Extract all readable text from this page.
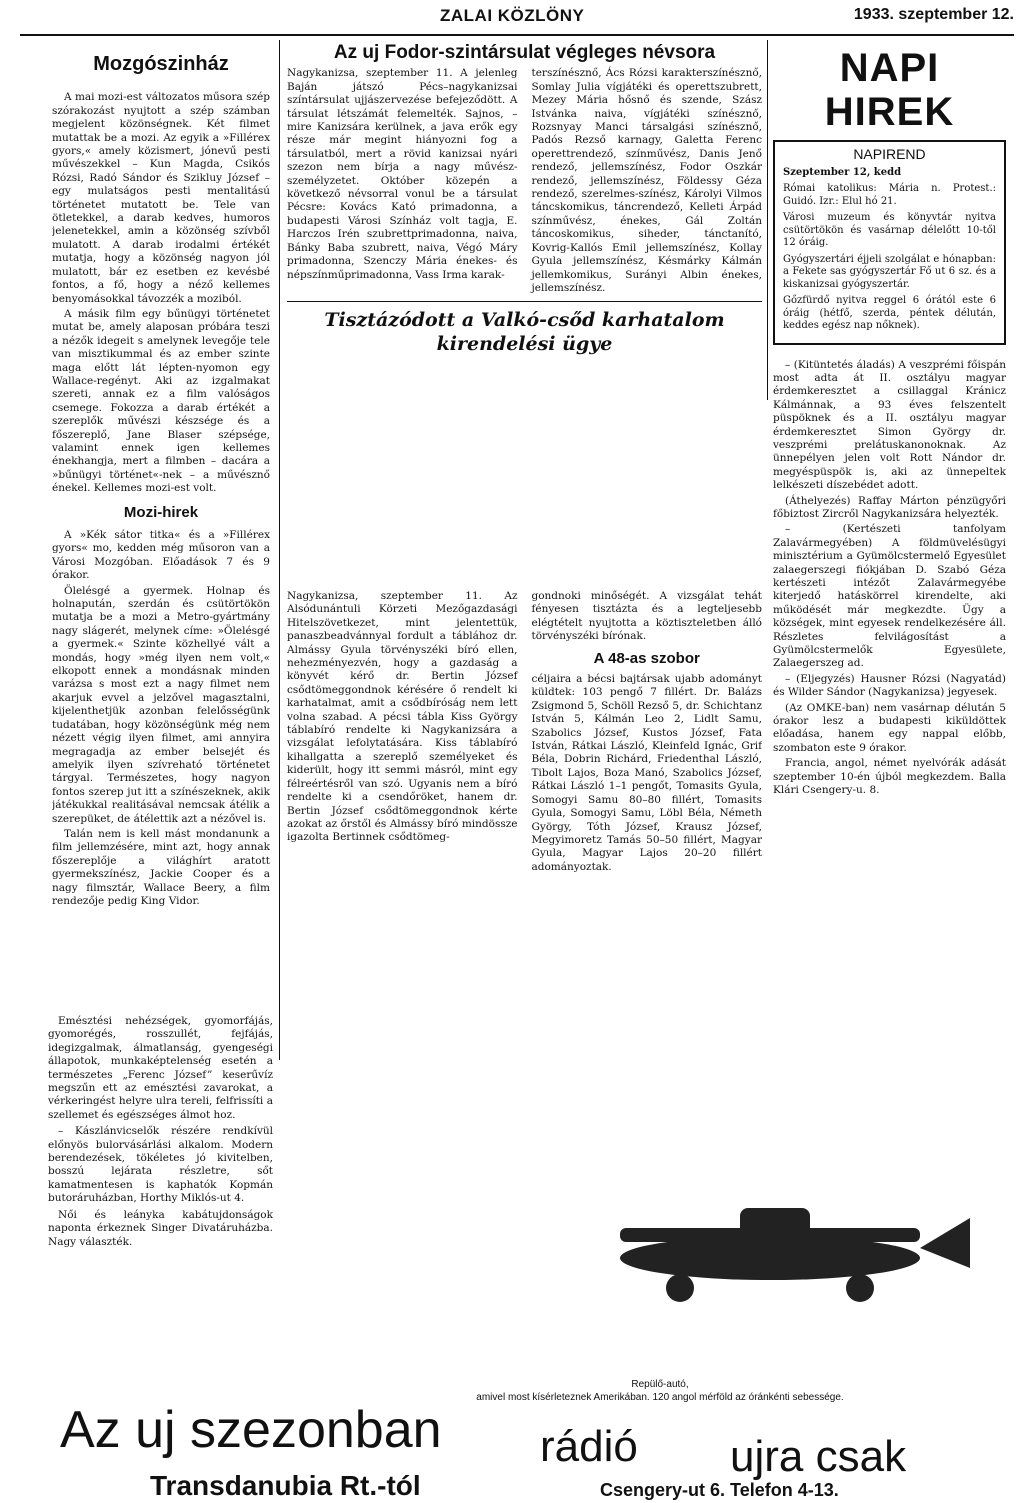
ZALAI KÖZLÖNY	1933. szeptember 12.
Mozgószinház

A mai mozi-est változatos műsora szép szórakozást nyujtott a szép számban megjelent közönségnek. Két filmet mutattak be a mozi. Az egyik a »Fillérex gyors,« amely közismert, jónevű pesti művészekkel – Kun Magda, Csikós Rózsi, Radó Sándor és Szikluy József – egy mulatságos pesti mentalitású történetet mutatott be. Tele van ötletekkel, a darab kedves, humoros jelenetekkel, amin a közönség szívből mulatott. A darab irodalmi értékét mutatja, hogy a közönség nagyon jól mulatott, bár ez esetben ez kevésbé fontos, a fő, hogy a néző kellemes benyomásokkal távozzék a moziból.

A másik film egy bűnügyi történetet mutat be, amely alaposan próbára teszi a nézők idegeit s amelynek levegője tele van misztikummal és az ember szinte maga előtt lát lépten-nyomon egy Wallace-regényt. Aki az izgalmakat szereti, annak ez a film valóságos csemege. Fokozza a darab értékét a szereplők művészi készsége és a főszereplő, Jane Blaser szépsége, valamint ennek igen kellemes énekhangja, mert a filmben – dacára a »bűnügyi történet«-nek – a művésznő énekel. Kellemes mozi-est volt.

Mozi-hirek

A »Kék sátor titka« és a »Fillérex gyors« mo, kedden még műsoron van a Városi Mozgóban. Előadások 7 és 9 órakor.

Ölelésgé a gyermek. Holnap és holnapután, szerdán és csütörtökön mutatja be a mozi a Metro-gyártmány nagy slágerét, melynek címe: »Ölelésgé a gyermek.« Szinte közhellyé vált a mondás, hogy »még ilyen nem volt,« elkopott ennek a mondásnak minden varázsa s most ezt a nagy filmet nem akarjuk evvel a jelzővel magasztalni, kijelenthetjük azonban felelősségünk tudatában, hogy közönségünk még nem nézett végig ilyen filmet, ami annyira megragadja az ember belsejét és amelyik ilyen szívreható történetet tárgyal. Természetes, hogy nagyon fontos szerep jut itt a színészeknek, akik játékukkal realitásával nemcsak átélik a szerepüket, de átélettik azt a nézővel is.

Talán nem is kell mást mondanunk a film jellemzésére, mint azt, hogy annak főszereplője a világhírt aratott gyermekszínész, Jackie Cooper és a nagy filmsztár, Wallace Beery, a film rendezője pedig King Vidor.

Emésztési nehézségek, gyomorfájás, gyomorégés, rosszullét, fejfájás, idegizgalmak, álmatlanság, gyengeségi állapotok, munkaképtelenség esetén a természetes „Ferenc József” keserűvíz megszűn ett az emésztési zavarokat, a vérkeringést helyre ulra tereli, felfrissíti a szellemet és egészséges álmot hoz.

– Kászlánvicselők részére rendkívül előnyös bulorvásárlási alkalom. Modern berendezések, tökéletes jó kivitelben, bosszú lejárata részletre, sőt kamatmentesen is kaphatók Kopmán butoráruházban, Horthy Miklós-ut 4.

Női és leányka kabátujdonságok naponta érkeznek Singer Divatáruházba. Nagy választék.

Az uj Fodor-szintársulat végleges névsora
Nagykanizsa, szeptember 11. A jelenleg Baján játszó Pécs–nagykanizsai színtársulat ujjászervezése befejeződött. A társulat létszámát felemelték. Sajnos, – mire Kanizsára kerülnek, a java erők egy része már megint hiányozni fog a társulatból, mert a rövid kanizsai nyári szezon nem bírja a nagy művész-személyzetet. Október közepén a következő névsorral vonul be a társulat Pécsre: Kovács Kató primadonna, a budapesti Városi Színház volt tagja, E. Harczos Irén szubrettprimadonna, naiva, Bánky Baba szubrett, naiva, Végó Máry primadonna, Szenczy Mária énekes- és népszínműprimadonna, Vass Irma karak-
terszínésznő, Ács Rózsi karakterszínésznő, Somlay Julia vígjátéki és operettszubrett, Mezey Mária hősnő és szende, Szász Istvánka naiva, vígjátéki színésznő, Rozsnyay Manci társalgási színésznő, Padós Rezső karnagy, Galetta Ferenc operettrendező, színművész, Danis Jenő rendező, jellemszínész, Fodor Oszkár rendező, jellemszínész, Földessy Géza rendező, szerelmes-színész, Károlyi Vilmos táncskomikus, táncrendező, Kelleti Árpád színművész, énekes, Gál Zoltán táncoskomikus, siheder, tánctanító, Kovrig-Kallós Emil jellemszínész, Kollay Gyula jellemszínész, Késmárky Kálmán jellemkomikus, Surányi Albin énekes, jellemszínész.
Tisztázódott a Valkó-csőd karhatalom kirendelési ügye
Nagykanizsa, szeptember 11. Az Alsódunántuli Körzeti Mezőgazdasági Hitelszövetkezet, mint jelentettük, panaszbeadvánnyal fordult a táblához dr. Almássy Gyula törvényszéki bíró ellen, nehezményezvén, hogy a gazdaság a könyvét kérő dr. Bertin József csődtömeggondnok kérésére ő rendelt ki karhatalmat, amit a csődbíróság nem lett volna szabad. A pécsi tábla Kiss György táblabíró rendelte ki Nagykanizsára a vizsgálat lefolytatására. Kiss táblabíró kihallgatta a szereplő személyeket és kiderült, hogy itt semmi másról, mint egy félreértésről van szó. Ugyanis nem a bíró rendelte ki a csendőröket, hanem dr. Bertin József csődtömeggondnok kérte azokat az őrstől és Almássy bíró mindössze igazolta Bertinnek csődtömeg-
gondnoki minőségét. A vizsgálat tehát fényesen tisztázta és a legteljesebb elégtételt nyujtotta a köztiszteletben álló törvényszéki bírónak.
A 48-as szobor
céljaira a bécsi bajtársak ujabb adományt küldtek: 103 pengő 7 fillért. Dr. Balázs Zsigmond 5, Schöll Rezső 5, dr. Schichtanz István 5, Kálmán Leo 2, Lidlt Samu, Szabolics József, Kustos József, Fata István, Rátkai László, Kleinfeld Ignác, Grif Béla, Dobrin Richárd, Friedenthal László, Tibolt Lajos, Boza Manó, Szabolics József, Rátkai László 1–1 pengőt, Tomasits Gyula, Somogyi Samu 80–80 fillért, Tomasits Gyula, Somogyi Samu, Löbl Béla, Németh György, Tóth József, Krausz József, Megyimoretz Tamás 50–50 fillért, Magyar Gyula, Magyar Lajos 20–20 fillért adományoztak.
NAPI HIREK
NAPIREND

Szeptember 12, kedd

Római katolikus: Mária n. Protest.: Guidó. Izr.: Elul hó 21.

Városi muzeum és könyvtár nyitva csütörtökön és vasárnap délelőtt 10-től 12 óráig.

Gyógyszertári éjjeli szolgálat e hónapban: a Fekete sas gyógyszertár Fő ut 6 sz. és a kiskanizsai gyógyszertár.

Gőzfürdő nyitva reggel 6 órától este 6 óráig (hétfő, szerda, péntek délután, keddes egész nap nőknek).

– (Kitüntetés áladás) A veszprémi főispán most adta át II. osztályu magyar érdemkeresztet a csillaggal Kránicz Kálmánnak, a 93 éves felszentelt püspöknek és a II. osztályu magyar érdemkeresztet Simon György dr. veszprémi prelátuskanonoknak. Az ünnepélyen jelen volt Rott Nándor dr. megyéspüspök is, aki az ünnepeltek lelkészeti díszebédet adott.

(Áthelyezés) Raffay Márton pénzügyőri főbiztost Zircről Nagykanizsára helyezték.

– (Kertészeti tanfolyam Zalavármegyében) A földmüvelésügyi minisztérium a Gyümölcstermelő Egyesület zalaegerszegi fiókjában D. Szabó Géza kertészeti intézőt Zalavármegyébe kiterjedő hatáskörrel kirendelte, aki működését már megkezdte. Ügy a községek, mint egyesek rendelkezésére áll. Részletes felvilágosítást a Gyümölcstermelők Egyesülete, Zalaegerszeg ad.

– (Eljegyzés) Hausner Rózsi (Nagyatád) és Wilder Sándor (Nagykanizsa) jegyesek.

(Az OMKE-ban) nem vasárnap délután 5 órakor lesz a budapesti kiküldöttek előadása, hanem egy nappal előbb, szombaton este 9 órakor.

Francia, angol, német nyelvórák adását szeptember 10-én újból megkezdem. Balla Klári Csengery-u. 8.

Repülő-autó,
amivel most kísérleteznek Amerikában. 120 angol mérföld az óránkénti sebessége.
Az uj szezonban rádió ujra csak
Transdanubia Rt.-tól	Csengery-ut 6. Telefon 4-13.
